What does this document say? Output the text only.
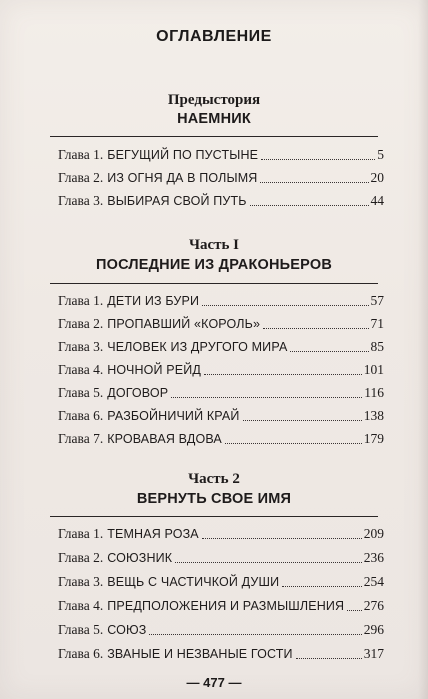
ОГЛАВЛЕНИЕ
Предыстория
НАЕМНИК
Глава 1. БЕГУЩИЙ ПО ПУСТЫНЕ	5
Глава 2. ИЗ ОГНЯ ДА В ПОЛЫМЯ	20
Глава 3. ВЫБИРАЯ СВОЙ ПУТЬ	44
Часть I
ПОСЛЕДНИЕ ИЗ ДРАКОНЬЕРОВ
Глава 1. ДЕТИ ИЗ БУРИ	57
Глава 2. ПРОПАВШИЙ «КОРОЛЬ»	71
Глава 3. ЧЕЛОВЕК ИЗ ДРУГОГО МИРА	85
Глава 4. НОЧНОЙ РЕЙД	101
Глава 5. ДОГОВОР	116
Глава 6. РАЗБОЙНИЧИЙ КРАЙ	138
Глава 7. КРОВАВАЯ ВДОВА	179
Часть 2
ВЕРНУТЬ СВОЕ ИМЯ
Глава 1. ТЕМНАЯ РОЗА	209
Глава 2. СОЮЗНИК	236
Глава 3. ВЕЩЬ С ЧАСТИЧКОЙ ДУШИ	254
Глава 4. ПРЕДПОЛОЖЕНИЯ И РАЗМЫШЛЕНИЯ 276
Глава 5. СОЮЗ	296
Глава 6. ЗВАНЫЕ И НЕЗВАНЫЕ ГОСТИ	317
— 477 —
